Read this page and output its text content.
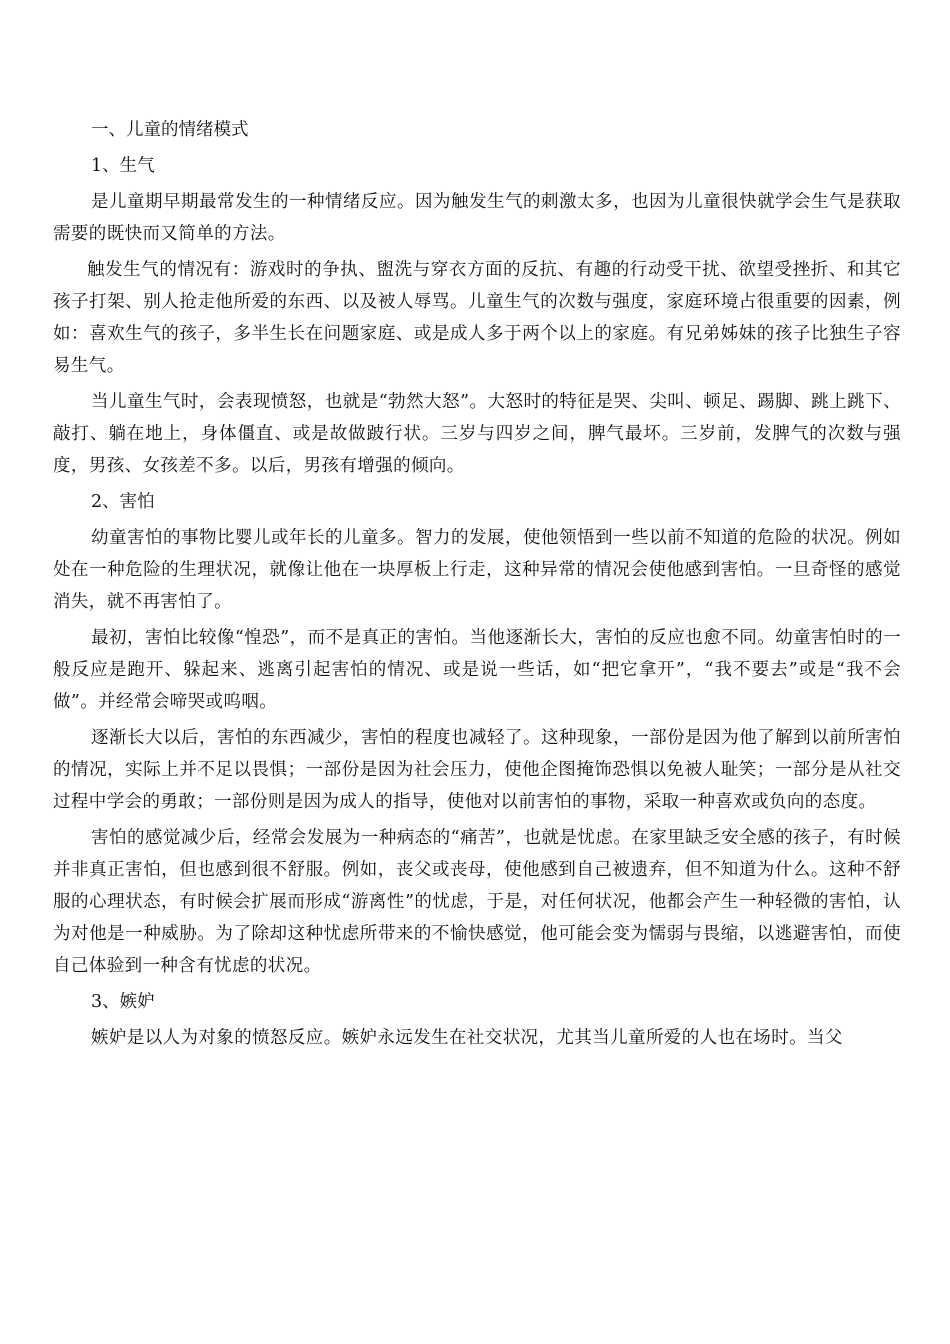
一、儿童的情绪模式

1、生气

是儿童期早期最常发生的一种情绪反应。因为触发生气的刺激太多，也因为儿童很快就学会生气是获取需要的既快而又简单的方法。

触发生气的情况有：游戏时的争执、盥洗与穿衣方面的反抗、有趣的行动受干扰、欲望受挫折、和其它孩子打架、别人抢走他所爱的东西、以及被人辱骂。儿童生气的次数与强度，家庭环境占很重要的因素，例如：喜欢生气的孩子，多半生长在问题家庭、或是成人多于两个以上的家庭。有兄弟姊妹的孩子比独生子容易生气。

当儿童生气时，会表现愤怒，也就是“勃然大怒”。大怒时的特征是哭、尖叫、顿足、踢脚、跳上跳下、敲打、躺在地上，身体僵直、或是故做跛行状。三岁与四岁之间，脾气最坏。三岁前，发脾气的次数与强度，男孩、女孩差不多。以后，男孩有增强的倾向。

2、害怕

幼童害怕的事物比婴儿或年长的儿童多。智力的发展，使他领悟到一些以前不知道的危险的状况。例如处在一种危险的生理状况，就像让他在一块厚板上行走，这种异常的情况会使他感到害怕。一旦奇怪的感觉消失，就不再害怕了。

最初，害怕比较像“惶恐”，而不是真正的害怕。当他逐渐长大，害怕的反应也愈不同。幼童害怕时的一般反应是跑开、躲起来、逃离引起害怕的情况、或是说一些话，如“把它拿开”，“我不要去”或是“我不会做”。并经常会啼哭或呜咽。

逐渐长大以后，害怕的东西减少，害怕的程度也减轻了。这种现象，一部份是因为他了解到以前所害怕的情况，实际上并不足以畏惧；一部份是因为社会压力，使他企图掩饰恐惧以免被人耻笑；一部分是从社交过程中学会的勇敢；一部份则是因为成人的指导，使他对以前害怕的事物，采取一种喜欢或负向的态度。

害怕的感觉减少后，经常会发展为一种病态的“痛苦”，也就是忧虑。在家里缺乏安全感的孩子，有时候并非真正害怕，但也感到很不舒服。例如，丧父或丧母，使他感到自己被遗弃，但不知道为什么。这种不舒服的心理状态，有时候会扩展而形成“游离性”的忧虑，于是，对任何状况，他都会产生一种轻微的害怕，认为对他是一种威胁。为了除却这种忧虑所带来的不愉快感觉，他可能会变为懦弱与畏缩，以逃避害怕，而使自己体验到一种含有忧虑的状况。

3、嫉妒

嫉妒是以人为对象的愤怒反应。嫉妒永远发生在社交状况，尤其当儿童所爱的人也在场时。当父
